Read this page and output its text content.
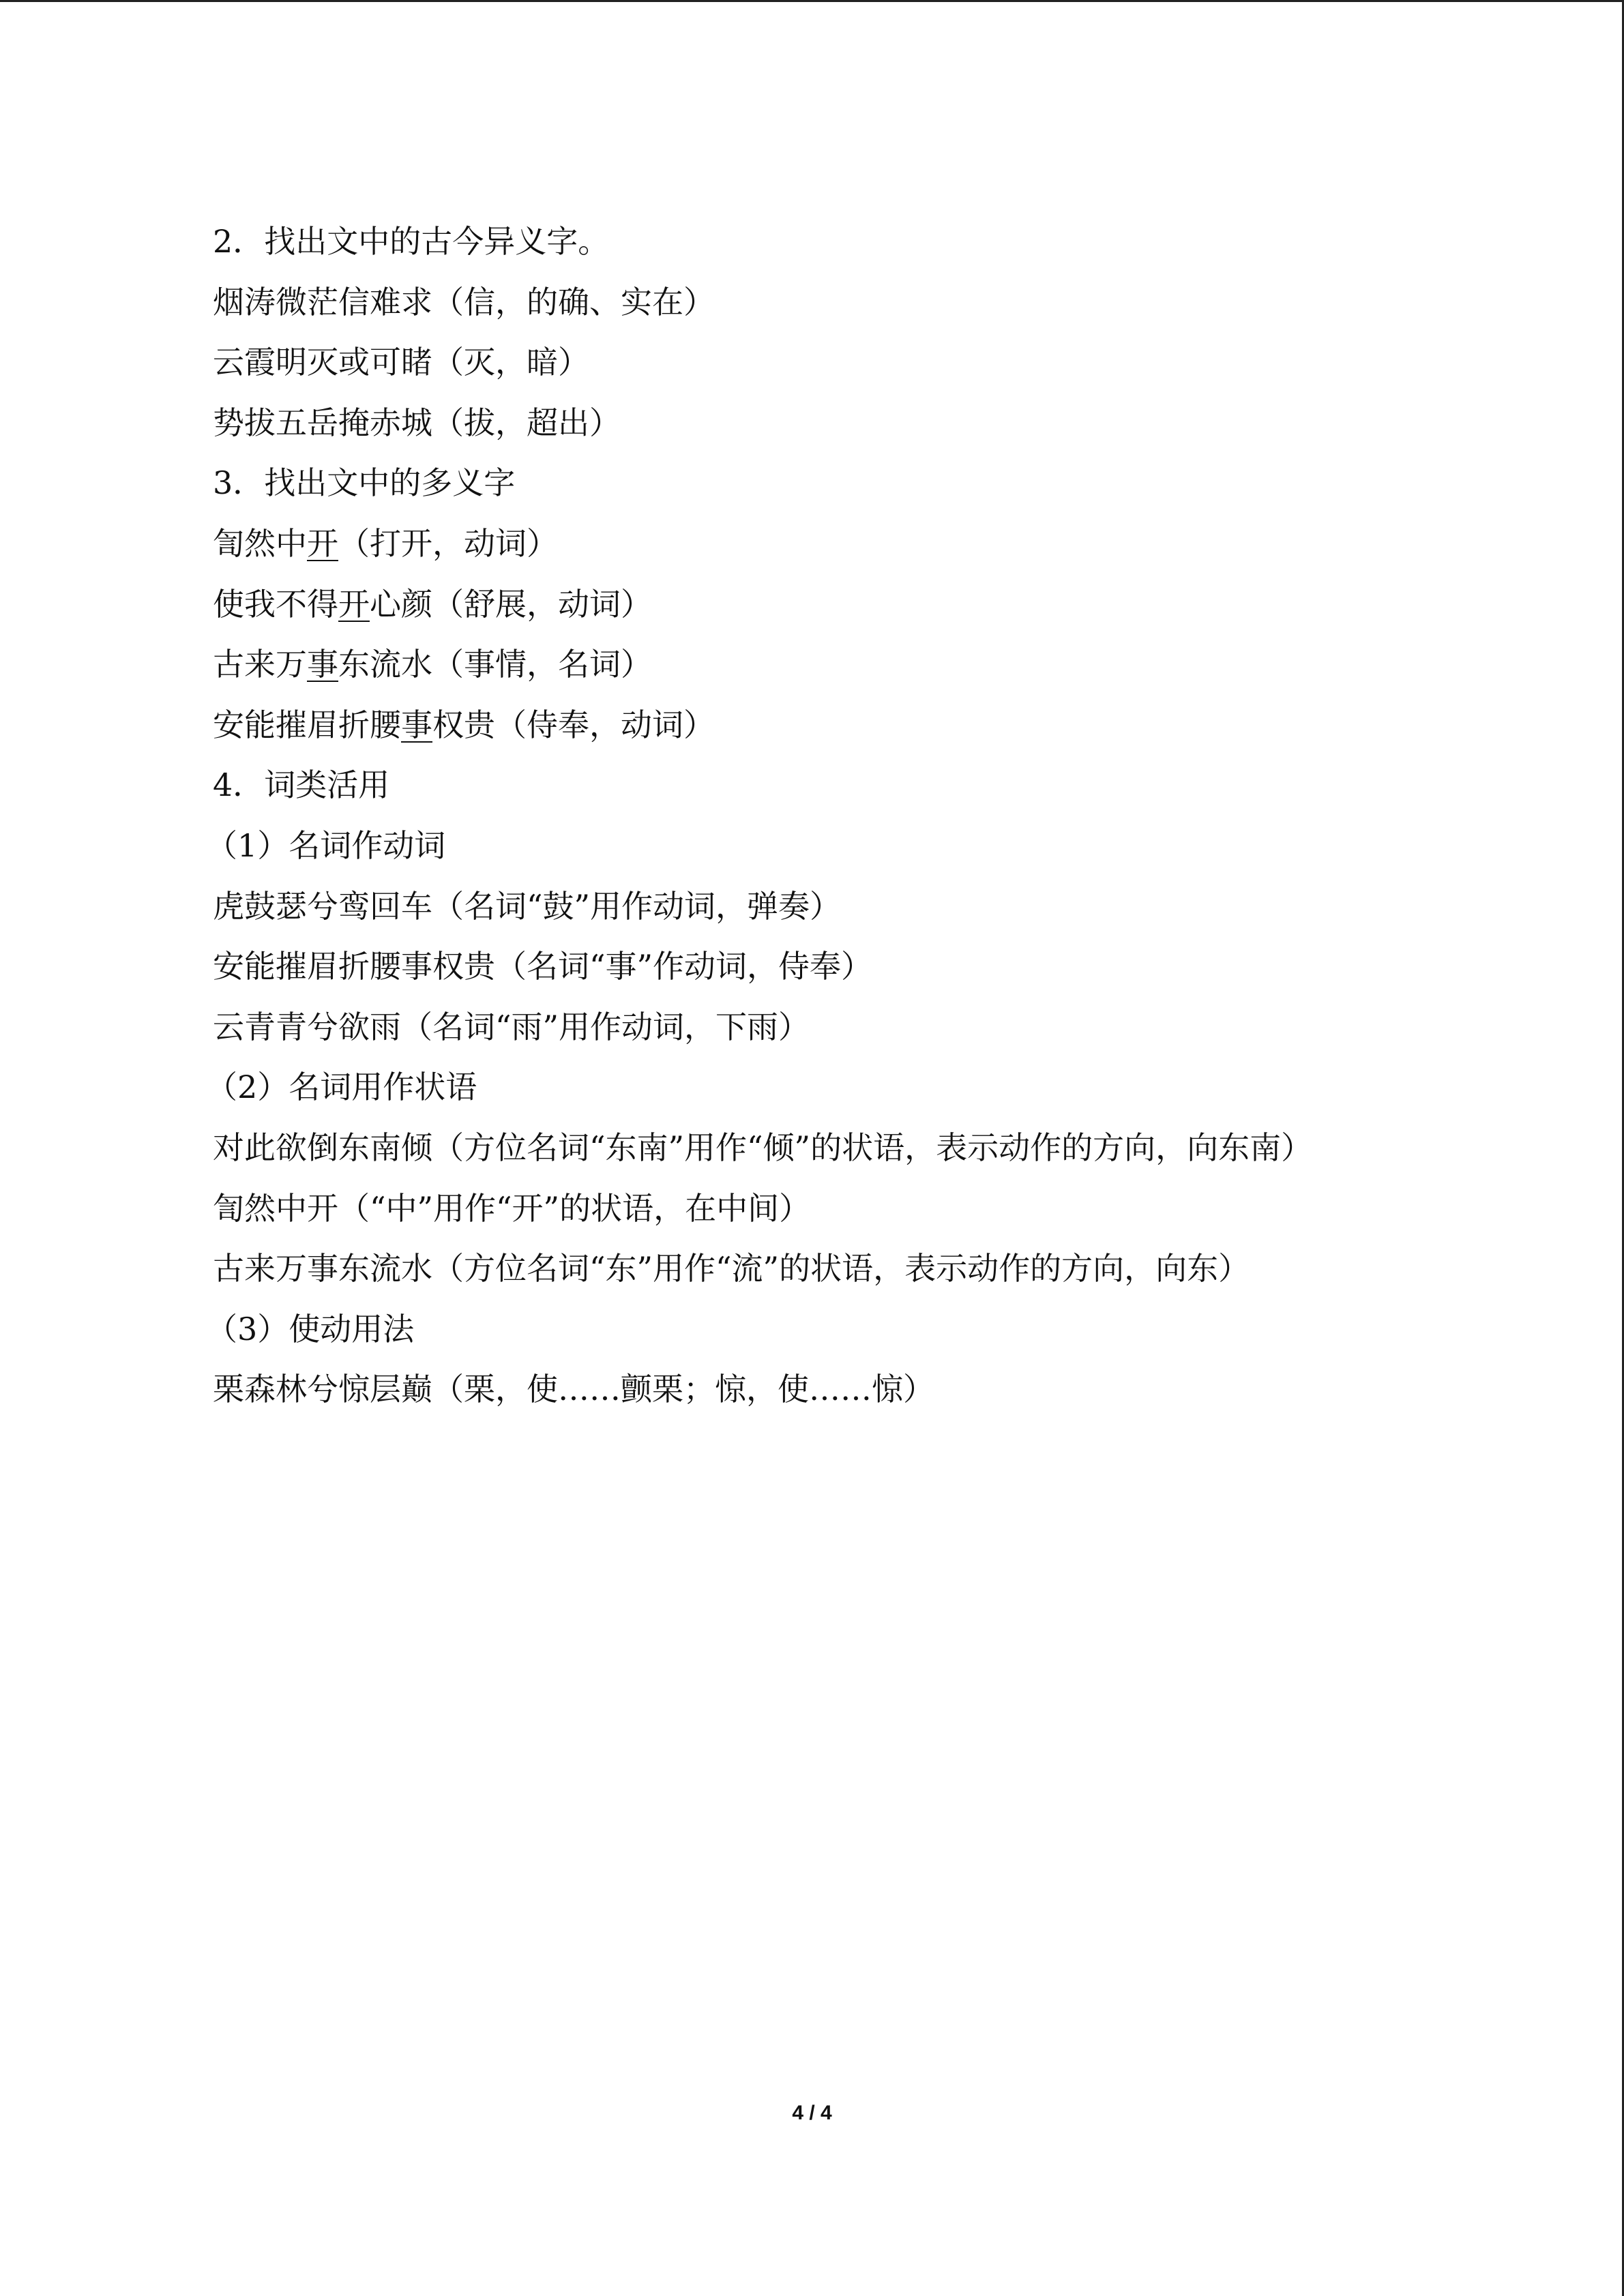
2．找出文中的古今异义字。
烟涛微茫信难求（信，的确、实在）
云霞明灭或可睹（灭，暗）
势拔五岳掩赤城（拔，超出）
3．找出文中的多义字
訇然中开（打开，动词）
使我不得开心颜（舒展，动词）
古来万事东流水（事情，名词）
安能摧眉折腰事权贵（侍奉，动词）
4．词类活用
（1）名词作动词
虎鼓瑟兮鸾回车（名词“鼓”用作动词，弹奏）
安能摧眉折腰事权贵（名词“事”作动词，侍奉）
云青青兮欲雨（名词“雨”用作动词，下雨）
（2）名词用作状语
对此欲倒东南倾（方位名词“东南”用作“倾”的状语，表示动作的方向，向东南）
訇然中开（“中”用作“开”的状语，在中间）
古来万事东流水（方位名词“东”用作“流”的状语，表示动作的方向，向东）
（3）使动用法
栗森林兮惊层巅（栗，使……颤栗；惊，使……惊）
4 / 4
